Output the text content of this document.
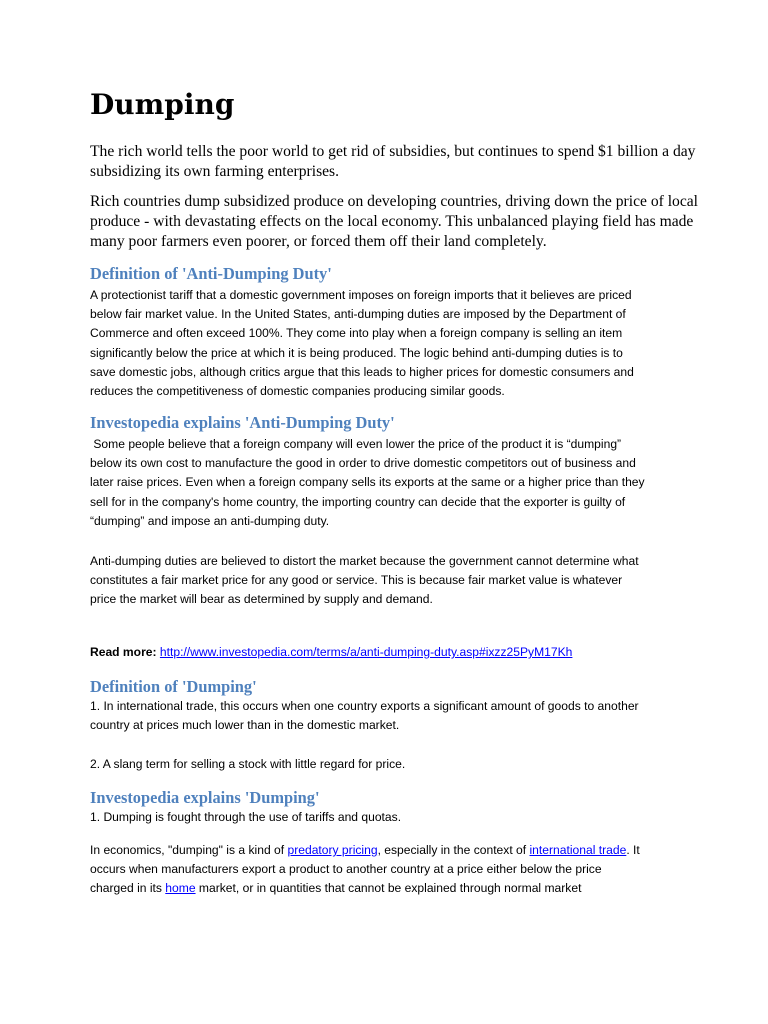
Dumping

The rich world tells the poor world to get rid of subsidies, but continues to spend $1 billion a day
subsidizing its own farming enterprises.

Rich countries dump subsidized produce on developing countries, driving down the price of local
produce - with devastating effects on the local economy. This unbalanced playing field has made
many poor farmers even poorer, or forced them off their land completely.

Definition of 'Anti-Dumping Duty'

A protectionist tariff that a domestic government imposes on foreign imports that it believes are priced
below fair market value. In the United States, anti-dumping duties are imposed by the Department of
Commerce and often exceed 100%. They come into play when a foreign company is selling an item
significantly below the price at which it is being produced. The logic behind anti-dumping duties is to
save domestic jobs, although critics argue that this leads to higher prices for domestic consumers and
reduces the competitiveness of domestic companies producing similar goods.

Investopedia explains 'Anti-Dumping Duty'

Some people believe that a foreign company will even lower the price of the product it is “dumping”
below its own cost to manufacture the good in order to drive domestic competitors out of business and
later raise prices. Even when a foreign company sells its exports at the same or a higher price than they
sell for in the company's home country, the importing country can decide that the exporter is guilty of
“dumping” and impose an anti-dumping duty.

Anti-dumping duties are believed to distort the market because the government cannot determine what
constitutes a fair market price for any good or service. This is because fair market value is whatever
price the market will bear as determined by supply and demand.

Read more: http://www.investopedia.com/terms/a/anti-dumping-duty.asp#ixzz25PyM17Kh

Definition of 'Dumping'

1. In international trade, this occurs when one country exports a significant amount of goods to another
country at prices much lower than in the domestic market.

2. A slang term for selling a stock with little regard for price.

Investopedia explains 'Dumping'

1. Dumping is fought through the use of tariffs and quotas.

In economics, "dumping" is a kind of predatory pricing, especially in the context of international trade. It
occurs when manufacturers export a product to another country at a price either below the price
charged in its home market, or in quantities that cannot be explained through normal market
